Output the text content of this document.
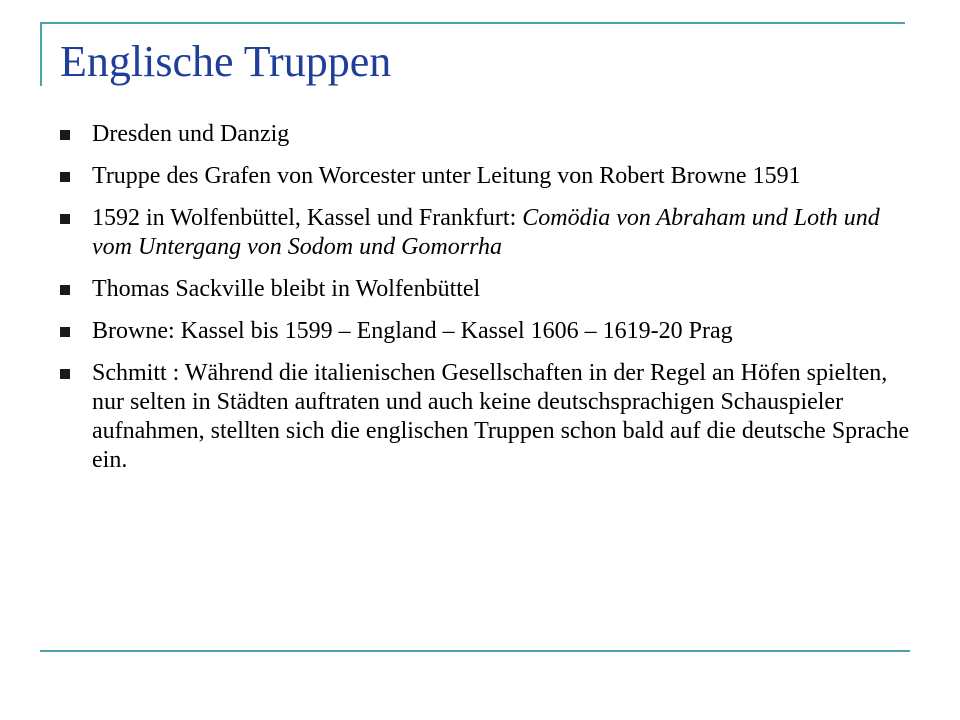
Englische Truppen
Dresden und Danzig
Truppe des Grafen von Worcester unter Leitung von Robert Browne 1591
1592 in Wolfenbüttel, Kassel und Frankfurt: Comödia von Abraham und Loth und vom Untergang von Sodom und Gomorrha
Thomas Sackville bleibt in Wolfenbüttel
Browne: Kassel bis 1599 – England – Kassel 1606 – 1619-20 Prag
Schmitt : Während die italienischen Gesellschaften in der Regel an Höfen spielten, nur selten in Städten auftraten und auch keine deutschsprachigen Schauspieler aufnahmen, stellten sich die englischen Truppen schon bald auf die deutsche Sprache ein.
